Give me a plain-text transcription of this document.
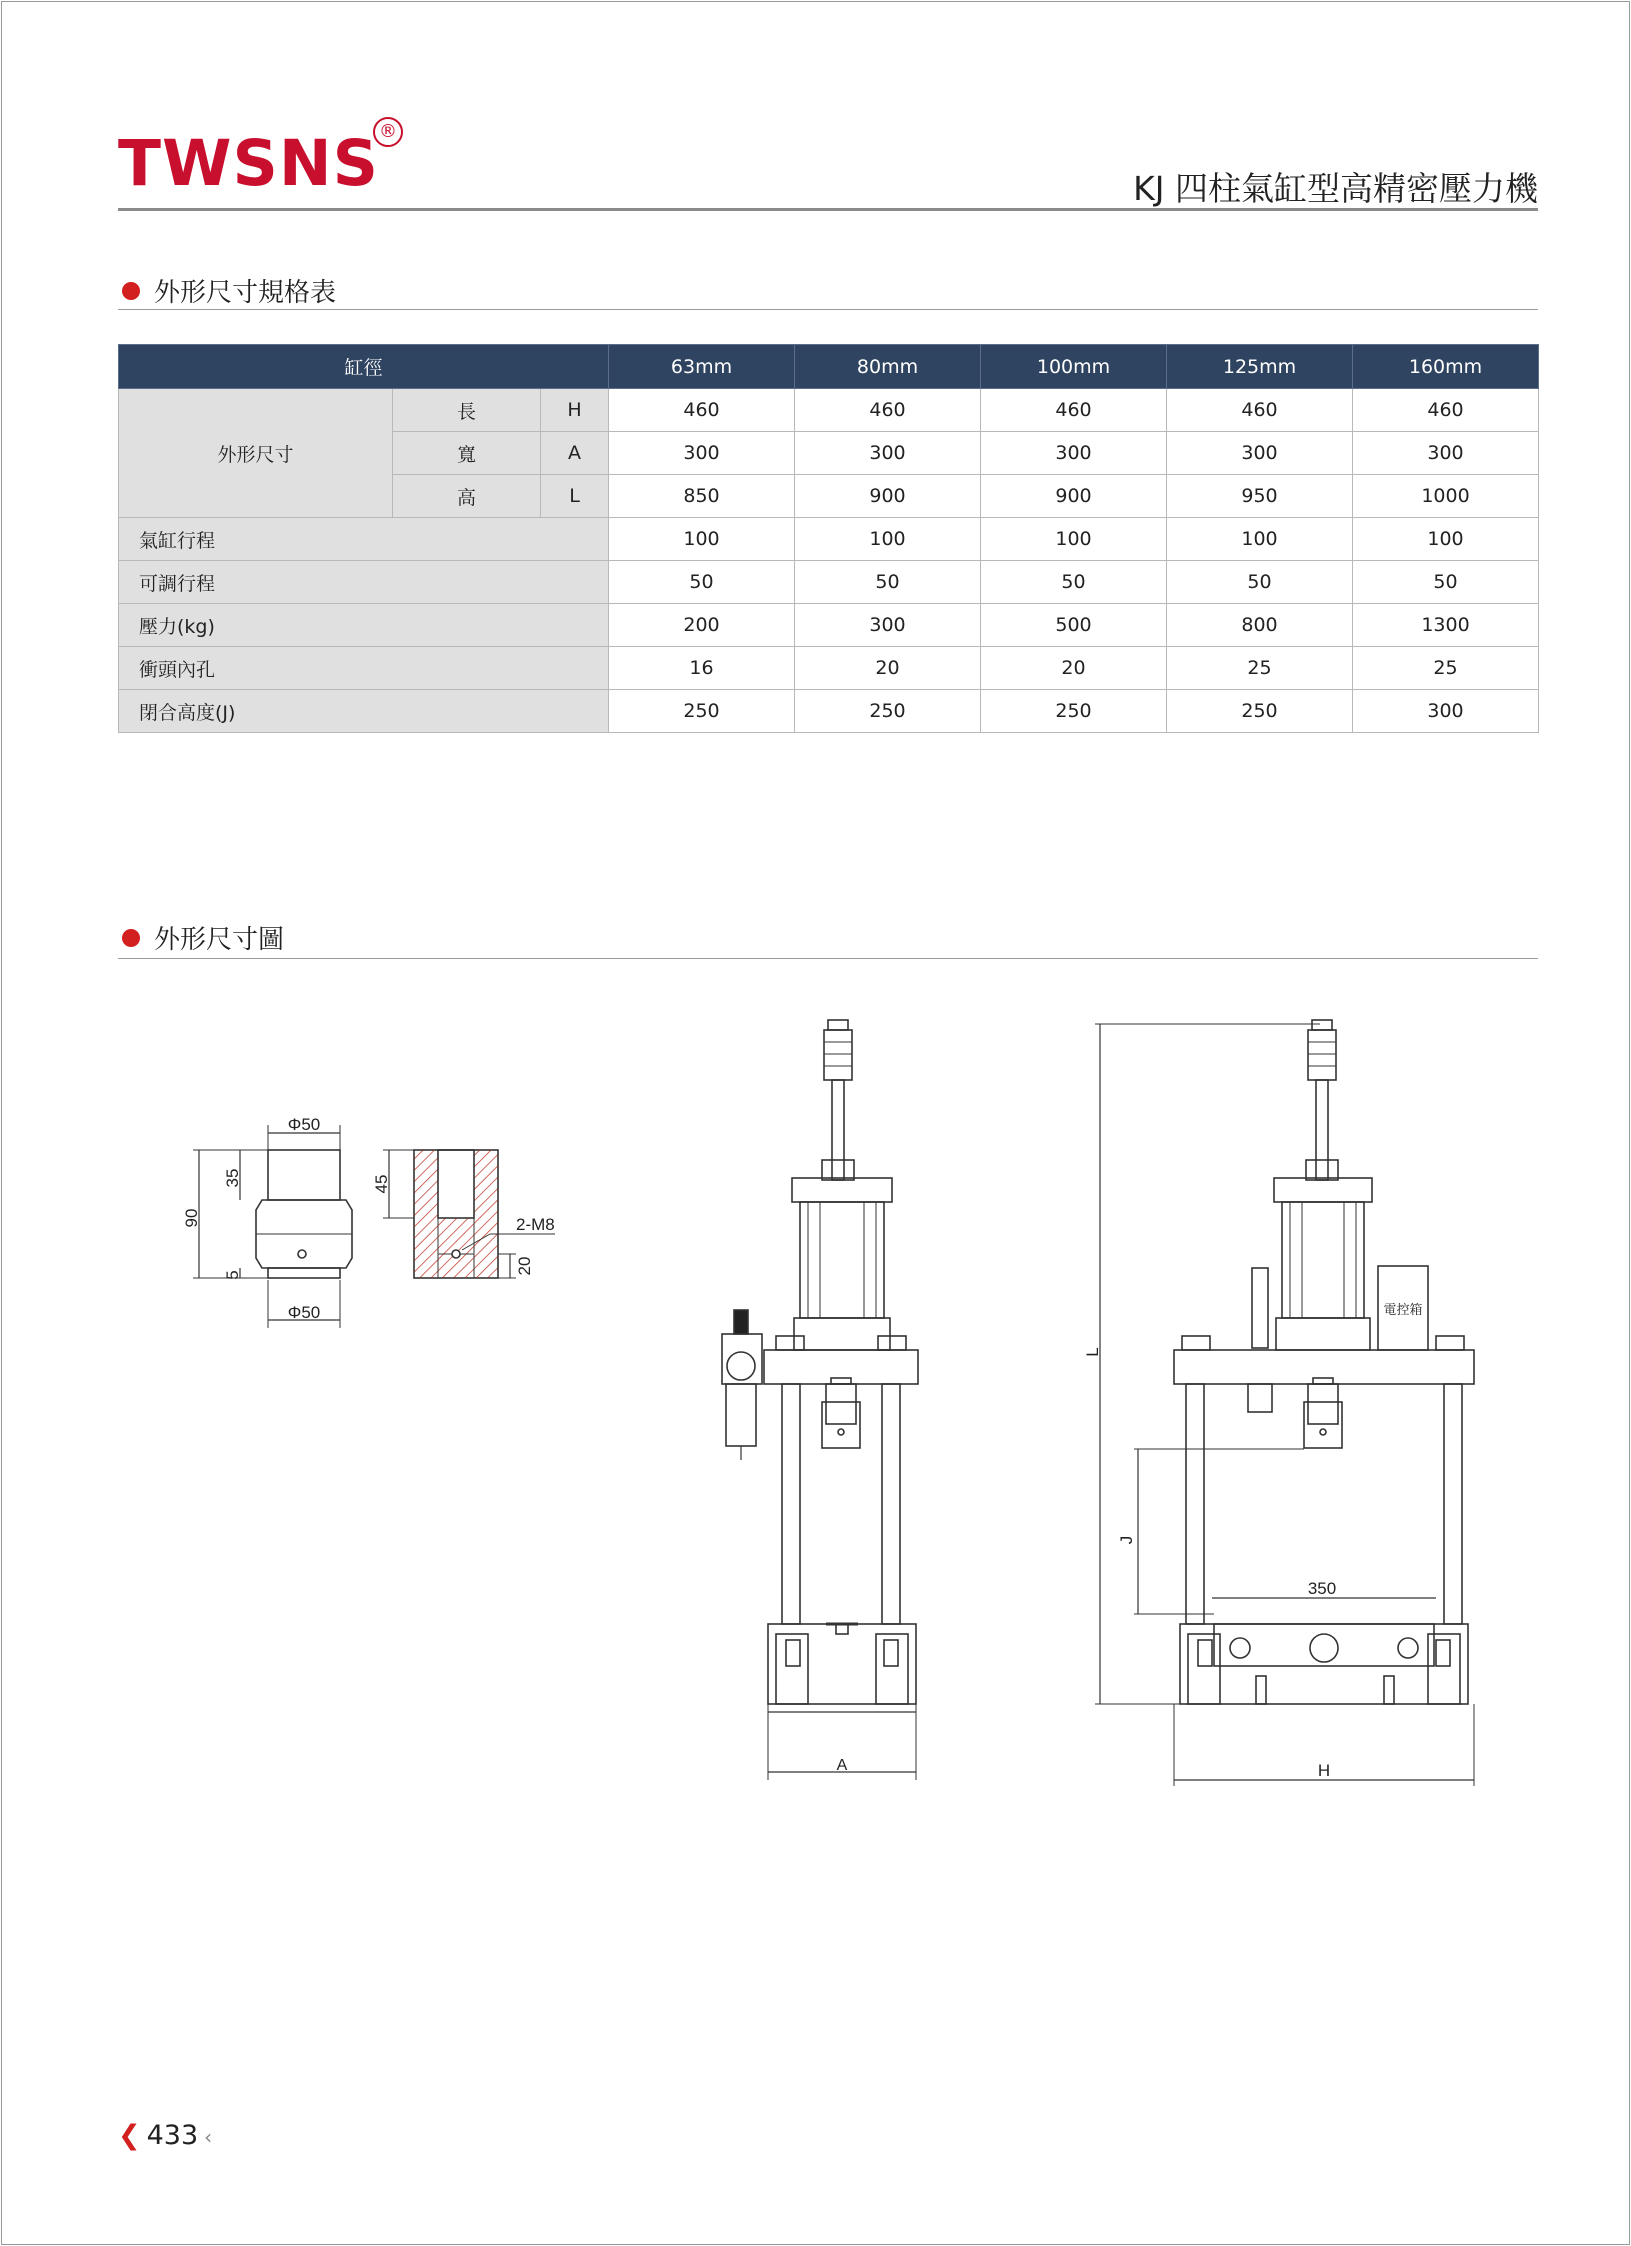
TWSNS ®
KJ 四柱氣缸型高精密壓力機
外形尺寸規格表
缸徑			63mm	80mm	100mm	125mm	160mm
外形尺寸	長	H	460	460	460	460	460
	寬	A	300	300	300	300	300
	高	L	850	900	900	950	1000
氣缸行程			100	100	100	100	100
可調行程			50	50	50	50	50
壓力(kg)			200	300	500	800	1300
衝頭內孔			16	20	20	25	25
閉合高度(J)			250	250	250	250	300
外形尺寸圖
Φ50
Φ50
90
35
5
45
2-M8
20
A
L
J
350
H
電控箱
❮ 433 ‹
